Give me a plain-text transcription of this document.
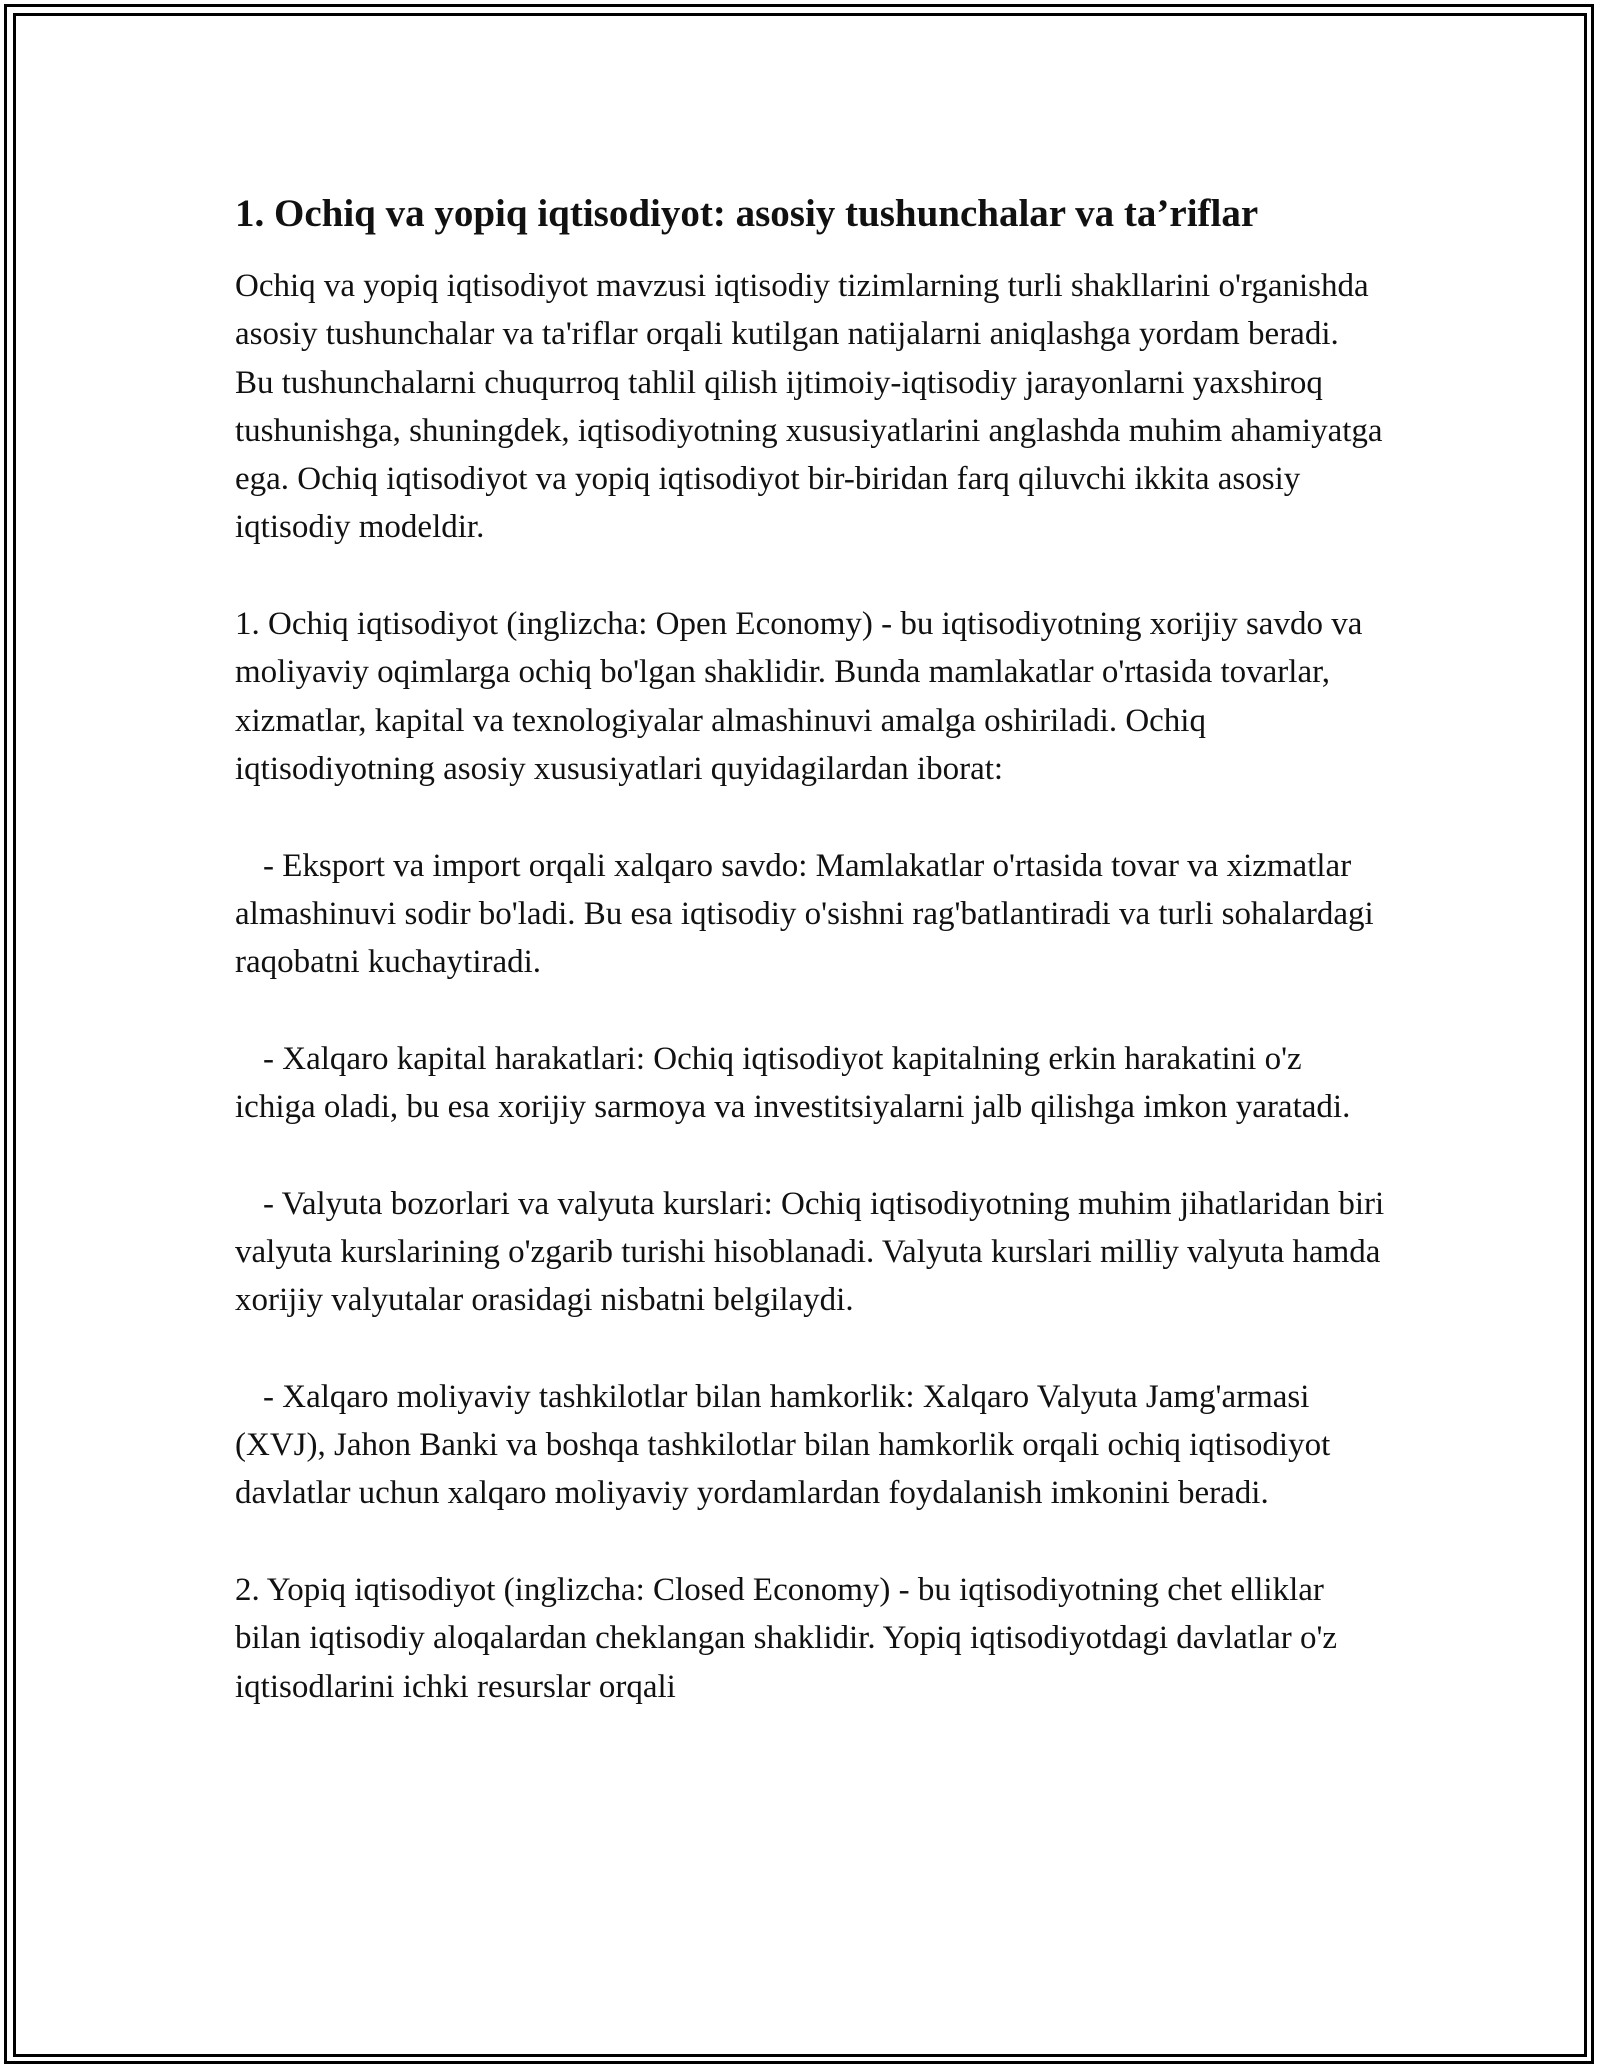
1. Ochiq va yopiq iqtisodiyot: asosiy tushunchalar va ta’riflar

Ochiq va yopiq iqtisodiyot mavzusi iqtisodiy tizimlarning turli shakllarini o'rganishda asosiy tushunchalar va ta'riflar orqali kutilgan natijalarni aniqlashga yordam beradi. Bu tushunchalarni chuqurroq tahlil qilish ijtimoiy-iqtisodiy jarayonlarni yaxshiroq tushunishga, shuningdek, iqtisodiyotning xususiyatlarini anglashda muhim ahamiyatga ega. Ochiq iqtisodiyot va yopiq iqtisodiyot bir-biridan farq qiluvchi ikkita asosiy iqtisodiy modeldir.

1. Ochiq iqtisodiyot (inglizcha: Open Economy) - bu iqtisodiyotning xorijiy savdo va moliyaviy oqimlarga ochiq bo'lgan shaklidir. Bunda mamlakatlar o'rtasida tovarlar, xizmatlar, kapital va texnologiyalar almashinuvi amalga oshiriladi. Ochiq iqtisodiyotning asosiy xususiyatlari quyidagilardan iborat:

- Eksport va import orqali xalqaro savdo: Mamlakatlar o'rtasida tovar va xizmatlar almashinuvi sodir bo'ladi. Bu esa iqtisodiy o'sishni rag'batlantiradi va turli sohalardagi raqobatni kuchaytiradi.

- Xalqaro kapital harakatlari: Ochiq iqtisodiyot kapitalning erkin harakatini o'z ichiga oladi, bu esa xorijiy sarmoya va investitsiyalarni jalb qilishga imkon yaratadi.

- Valyuta bozorlari va valyuta kurslari: Ochiq iqtisodiyotning muhim jihatlaridan biri valyuta kurslarining o'zgarib turishi hisoblanadi. Valyuta kurslari milliy valyuta hamda xorijiy valyutalar orasidagi nisbatni belgilaydi.

- Xalqaro moliyaviy tashkilotlar bilan hamkorlik: Xalqaro Valyuta Jamg'armasi (XVJ), Jahon Banki va boshqa tashkilotlar bilan hamkorlik orqali ochiq iqtisodiyot davlatlar uchun xalqaro moliyaviy yordamlardan foydalanish imkonini beradi.

2. Yopiq iqtisodiyot (inglizcha: Closed Economy) - bu iqtisodiyotning chet elliklar bilan iqtisodiy aloqalardan cheklangan shaklidir. Yopiq iqtisodiyotdagi davlatlar o'z iqtisodlarini ichki resurslar orqali
